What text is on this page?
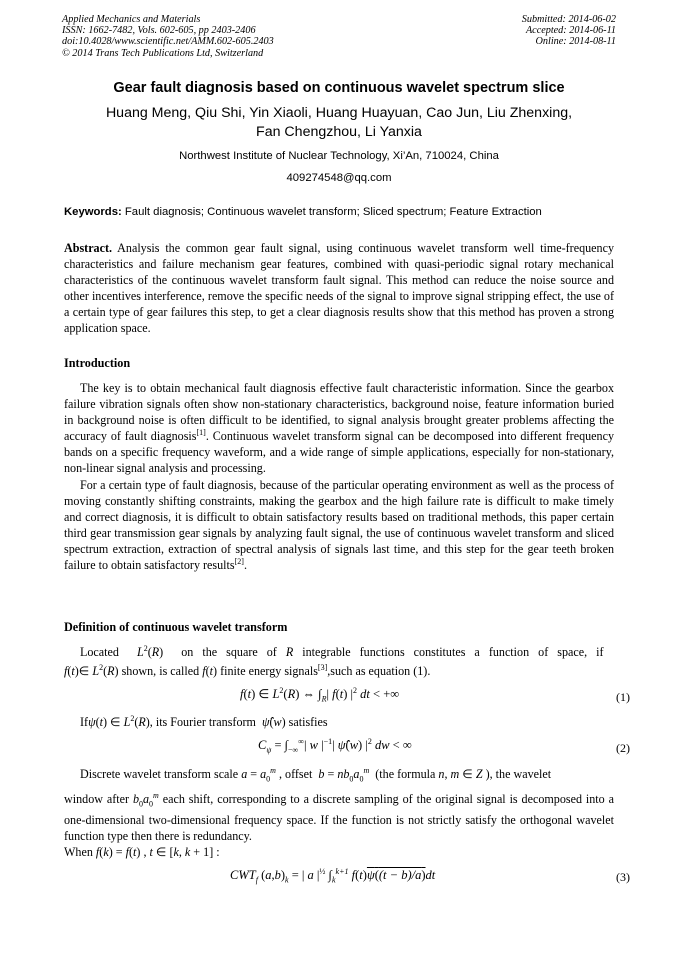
Applied Mechanics and Materials
ISSN: 1662-7482, Vols. 602-605, pp 2403-2406
doi:10.4028/www.scientific.net/AMM.602-605.2403
© 2014 Trans Tech Publications Ltd, Switzerland
Submitted: 2014-06-02
Accepted: 2014-06-11
Online: 2014-08-11
Gear fault diagnosis based on continuous wavelet spectrum slice
Huang Meng, Qiu Shi, Yin Xiaoli, Huang Huayuan, Cao Jun, Liu Zhenxing,
Fan Chengzhou, Li Yanxia
Northwest Institute of Nuclear Technology, Xi’An, 710024, China
409274548@qq.com
Keywords: Fault diagnosis; Continuous wavelet transform; Sliced spectrum; Feature Extraction
Abstract. Analysis the common gear fault signal, using continuous wavelet transform well time-frequency characteristics and failure mechanism gear features, combined with quasi-periodic signal rotary mechanical characteristics of the continuous wavelet transform fault signal. This method can reduce the noise source and other incentives interference, remove the specific needs of the signal to improve signal stripping effect, the use of a certain type of gear failures this step, to get a clear diagnosis results show that this method has proven a strong application space.
Introduction

The key is to obtain mechanical fault diagnosis effective fault characteristic information. Since the gearbox failure vibration signals often show non-stationary characteristics, background noise, feature information buried in background noise is often difficult to be identified, to signal analysis brought greater problems affecting the accuracy of fault diagnosis[1]. Continuous wavelet transform signal can be decomposed into different frequency bands on a specific frequency waveform, and a wide range of simple applications, especially for non-stationary, non-linear signal analysis and processing.

For a certain type of fault diagnosis, because of the particular operating environment as well as the process of moving constantly shifting constraints, making the gearbox and the high failure rate is difficult to make timely and correct diagnosis, it is difficult to obtain satisfactory results based on traditional methods, this paper certain third gear transmission gear signals by analyzing fault signal, the use of continuous wavelet transform and sliced spectrum extraction, extraction of spectral analysis of signals last time, and this step for the gear teeth broken failure to obtain satisfactory results[2].

Definition of continuous wavelet transform

Located $L^2(R)$  on the square of R integrable functions constitutes a function of space, if

f(t)∈ $L^2(R)$ shown, is called f(t) finite energy signals[3],such as equation (1).

f(t) ∈ $L^2(R)$ ⇔ $\int_R|$ f(t) $|^2$ dt < +∞	(1)
Ifψ(t) ∈ $L^2(R)$, its Fourier transform ψ̂(w) satisfies
$C_\psi = \int_{-\infty}^\infty|$ w $|^{-1}|$ ψ̂(w) $|^2$ dw < ∞	(2)

Discrete wavelet transform scale $a = a_0^m$ , offset $b = nb_0a_0^m$ (the formula n, m ∈ Z ), the wavelet

window after $b_0a_0^m$ each shift, corresponding to a discrete sampling of the original signal is decomposed into a one-dimensional two-dimensional frequency space. If the function is not strictly satisfy the orthogonal wavelet function type then there is redundancy.

When f(k) = f(t) , t ∈ [k, k + 1] :

$CWT_f$ $(a,b)_k$ = | a $|^{\frac{1}{2}}$ $\int_k^{k+1}$ f(t)ψ((t − b)/a)dt	(3)
